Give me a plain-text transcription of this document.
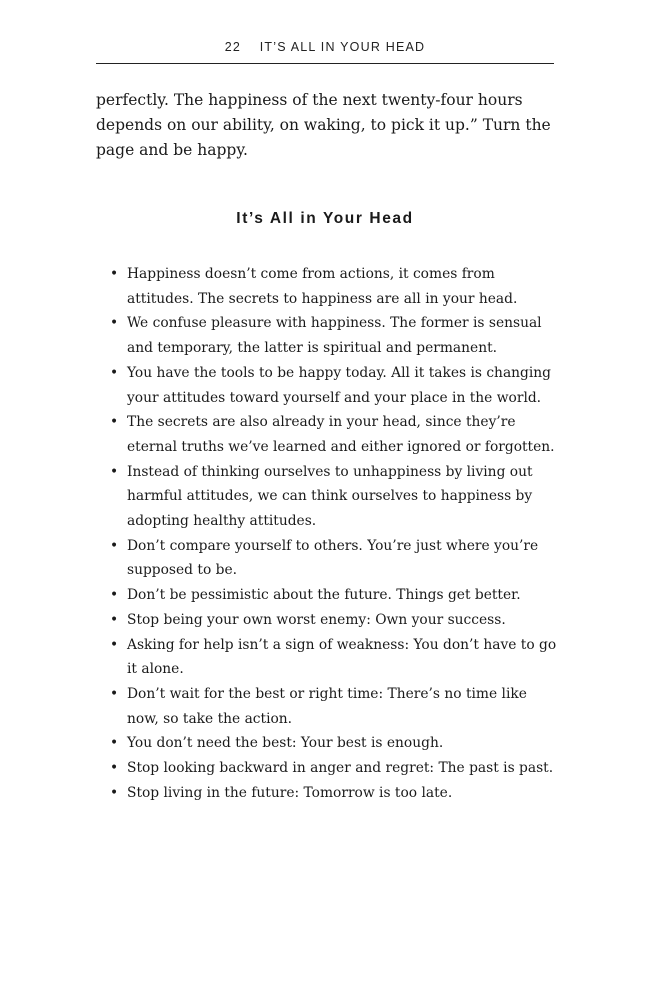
22 IT’S ALL IN YOUR HEAD

perfectly. The happiness of the next twenty-four hours depends on our ability, on waking, to pick it up.” Turn the page and be happy.

It’s All in Your Head
• Happiness doesn’t come from actions, it comes from attitudes. The secrets to happiness are all in your head.
• We confuse pleasure with happiness. The former is sensual and temporary, the latter is spiritual and permanent.
• You have the tools to be happy today. All it takes is changing your attitudes toward yourself and your place in the world.
• The secrets are also already in your head, since they’re eternal truths we’ve learned and either ignored or forgotten.
• Instead of thinking ourselves to unhappiness by living out harmful attitudes, we can think ourselves to happiness by adopting healthy attitudes.
• Don’t compare yourself to others. You’re just where you’re supposed to be.
• Don’t be pessimistic about the future. Things get better.
• Stop being your own worst enemy: Own your success.
• Asking for help isn’t a sign of weakness: You don’t have to go it alone.
• Don’t wait for the best or right time: There’s no time like now, so take the action.
• You don’t need the best: Your best is enough.
• Stop looking backward in anger and regret: The past is past.
• Stop living in the future: Tomorrow is too late.
